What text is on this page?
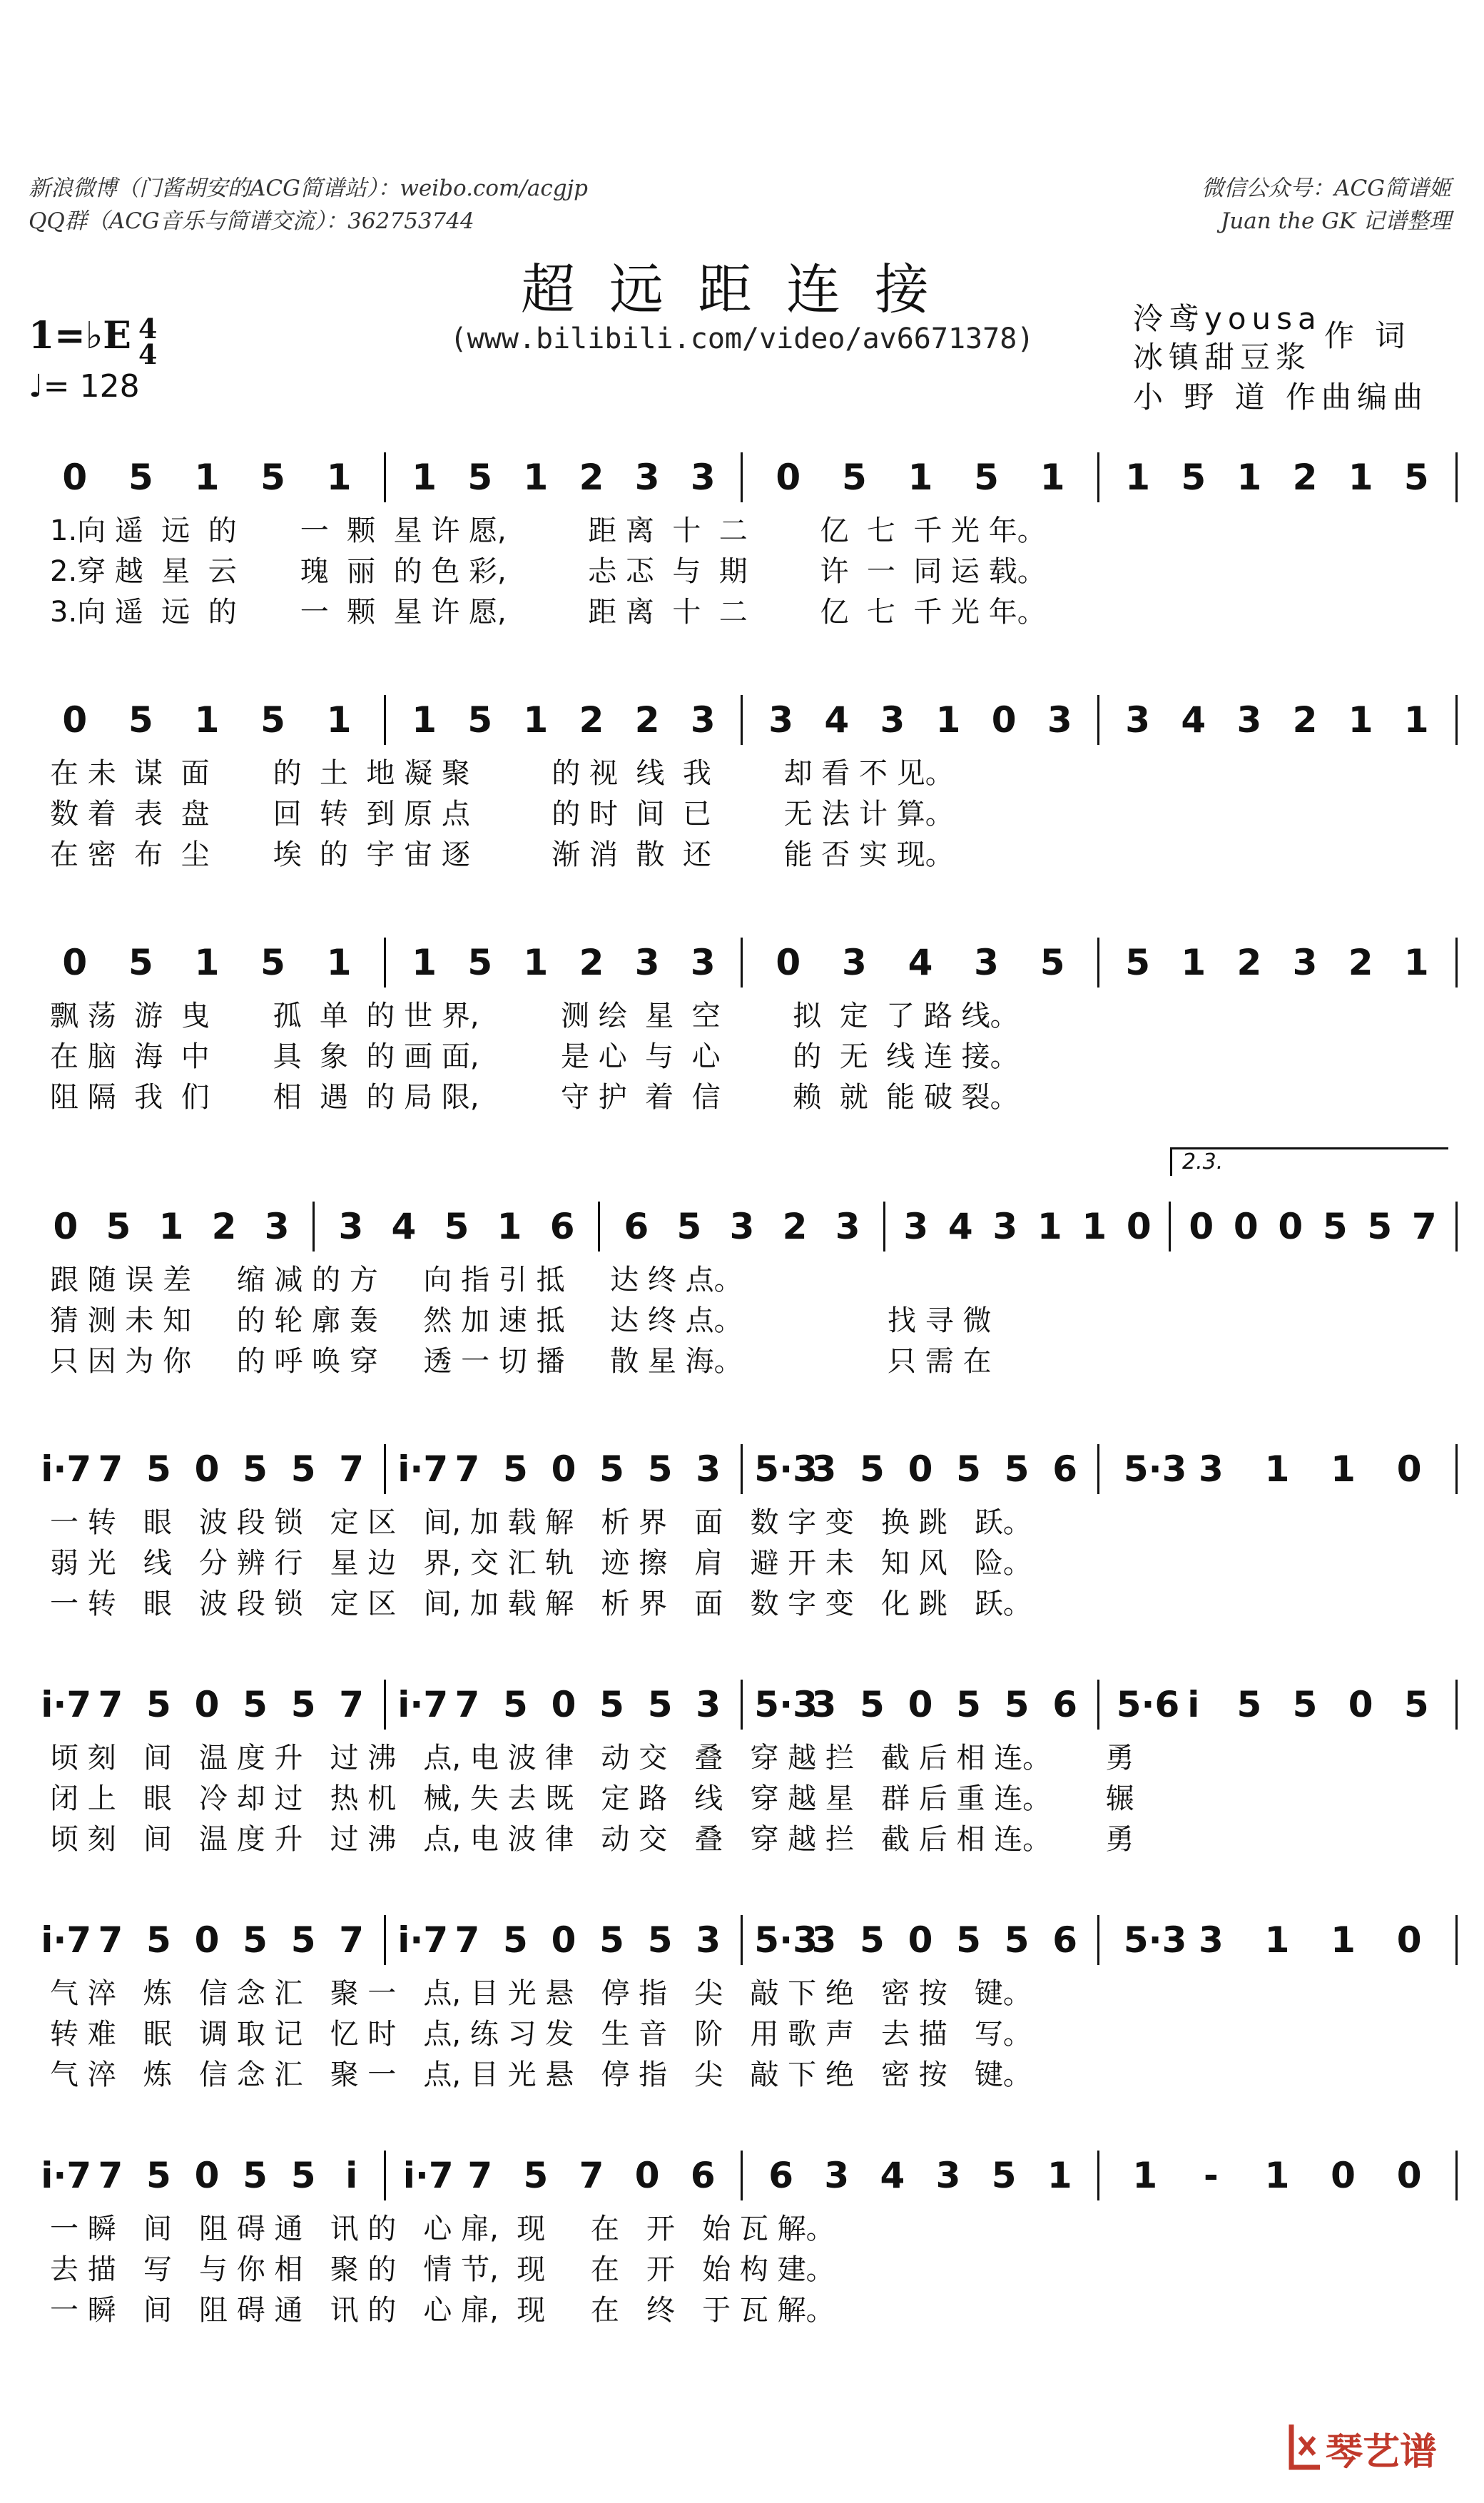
新浪微博（门酱胡安的ACG简谱站）：weibo.com/acgjp
QQ群（ACG音乐与简谱交流）：362753744
微信公众号：ACG简谱姬
Juan the GK 记谱整理
超远距连接
(www.bilibili.com/video/av6671378)
1=♭E 4
4
♩= 128
泠鸢yousa
冰镇甜豆浆
作 词
小 野 道 作曲编曲
0 5 1 5 1 1 5 1 2 3 3 0 5 1 5 1 1 5 1 2 1 5
1.向 遥  远  的       一  颗  星 许 愿,         距 离  十  二        亿  七  千 光 年。
2.穿 越  星  云       瑰  丽  的 色 彩,         忐 忑  与  期        许  一  同 运 载。
3.向 遥  远  的       一  颗  星 许 愿,         距 离  十  二        亿  七  千 光 年。
0 5 1 5 1 1 5 1 2 2 3 3 4 3 1 0 3 3 4 3 2 1 1
在 未  谋  面       的  土  地 凝 聚         的 视  线  我        却 看 不 见。
数 着  表  盘       回  转  到 原 点         的 时  间  已        无 法 计 算。
在 密  布  尘       埃  的  宇 宙 逐         渐 消  散  还        能 否 实 现。
0 5 1 5 1 1 5 1 2 3 3 0 3 4 3 5 5 1 2 3 2 1
飘 荡  游  曳       孤  单  的 世 界,         测 绘  星  空        拟  定  了 路 线。
在 脑  海  中       具  象  的 画 面,         是 心  与  心        的  无  线 连 接。
阻 隔  我  们       相  遇  的 局 限,         守 护  着  信        赖  就  能 破 裂。
0 5 1 2 3 3 4 5 1 6 6 5 3 2 3 3 4 3 1 1 0 0 0 0 5 5 7
2.3.
跟 随 误 差     缩 减 的 方     向 指 引 抵     达 终 点。
猜 测 未 知     的 轮 廓 轰     然 加 速 抵     达 终 点。                找 寻 微
只 因 为 你     的 呼 唤 穿     透 一 切 播     散 星 海。                只 需 在
i·7 7 5 0 5 5 7 i·7 7 5 0 5 5 3 5·3
3 5 0 5 5 6 5·3 3 1 1 0
一 转   眼   波 段 锁   定 区   间, 加 载 解   析 界   面   数 字 变   换 跳   跃。
弱 光   线   分 辨 行   星 边   界, 交 汇 轨   迹 擦   肩   避 开 未   知 风   险。
一 转   眼   波 段 锁   定 区   间, 加 载 解   析 界   面   数 字 变   化 跳   跃。
i·7 7 5 0 5 5 7 i·7 7 5 0 5 5 3 5·3
3 5 0 5 5 6 5·6 i	5 5 0 5
顷 刻   间   温 度 升   过 沸   点, 电 波 律   动 交   叠   穿 越 拦   截 后 相 连。      勇
闭 上   眼   冷 却 过   热 机   械, 失 去 既   定 路   线   穿 越 星   群 后 重 连。      辗
顷 刻   间   温 度 升   过 沸   点, 电 波 律   动 交   叠   穿 越 拦   截 后 相 连。      勇
i·7 7 5 0 5 5 7 i·7 7 5 0 5 5 3 5·3
3 5 0 5 5 6 5·3 3 1 1 0
气 淬   炼   信 念 汇   聚 一   点, 目 光 悬   停 指   尖   敲 下 绝   密 按   键。
转 难   眠   调 取 记   忆 时   点, 练 习 发   生 音   阶   用 歌 声   去 描   写。
气 淬   炼   信 念 汇   聚 一   点, 目 光 悬   停 指   尖   敲 下 绝   密 按   键。
i·7 7 5 0 5 5 i	i·7 7 5 7 0 6 6 3 4 3 5 1 1	-	1 0 0
一 瞬   间   阻 碍 通   讯 的   心 扉,  现     在   开   始 瓦 解。
去 描   写   与 你 相   聚 的   情 节,  现     在   开   始 构 建。
一 瞬   间   阻 碍 通   讯 的   心 扉,  现     在   终   于 瓦 解。
琴艺谱
